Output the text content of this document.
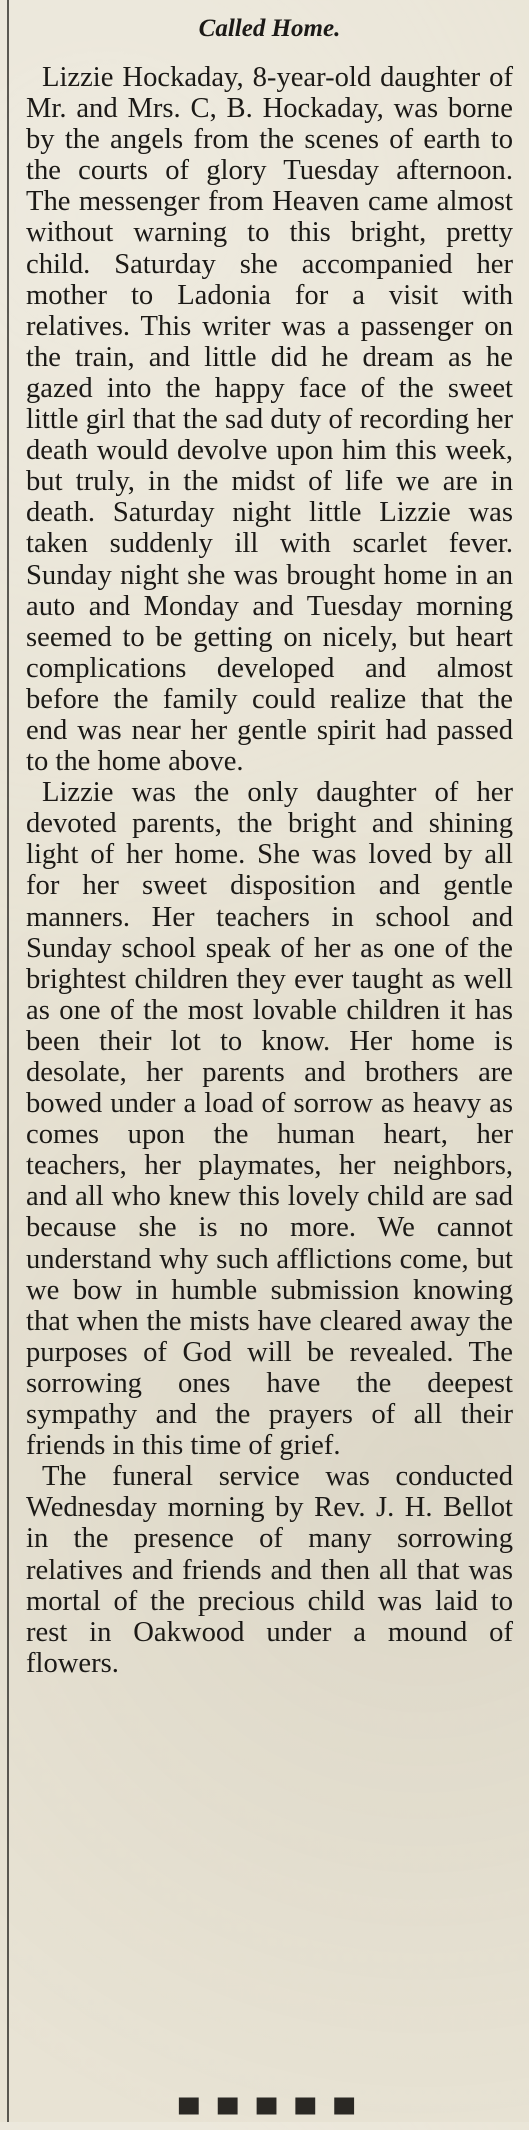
Called Home.

Lizzie Hockaday, 8-year-old daughter of Mr. and Mrs. C, B. Hockaday, was borne by the angels from the scenes of earth to the courts of glory Tuesday afternoon. The messenger from Heaven came almost without warning to this bright, pretty child. Saturday she accompanied her mother to Ladonia for a visit with relatives. This writer was a passenger on the train, and little did he dream as he gazed into the happy face of the sweet little girl that the sad duty of recording her death would devolve upon him this week, but truly, in the midst of life we are in death. Saturday night little Lizzie was taken suddenly ill with scarlet fever. Sunday night she was brought home in an auto and Monday and Tuesday morning seemed to be getting on nicely, but heart complications developed and almost before the family could realize that the end was near her gentle spirit had passed to the home above.

Lizzie was the only daughter of her devoted parents, the bright and shining light of her home. She was loved by all for her sweet disposition and gentle manners. Her teachers in school and Sunday school speak of her as one of the brightest children they ever taught as well as one of the most lovable children it has been their lot to know. Her home is desolate, her parents and brothers are bowed under a load of sorrow as heavy as comes upon the human heart, her teachers, her playmates, her neighbors, and all who knew this lovely child are sad because she is no more. We cannot understand why such afflictions come, but we bow in humble submission knowing that when the mists have cleared away the purposes of God will be revealed. The sorrowing ones have the deepest sympathy and the prayers of all their friends in this time of grief.

The funeral service was conducted Wednesday morning by Rev. J. H. Bellot in the presence of many sorrowing relatives and friends and then all that was mortal of the precious child was laid to rest in Oakwood under a mound of flowers.

▀ ▀ ▀ ▀ ▀
